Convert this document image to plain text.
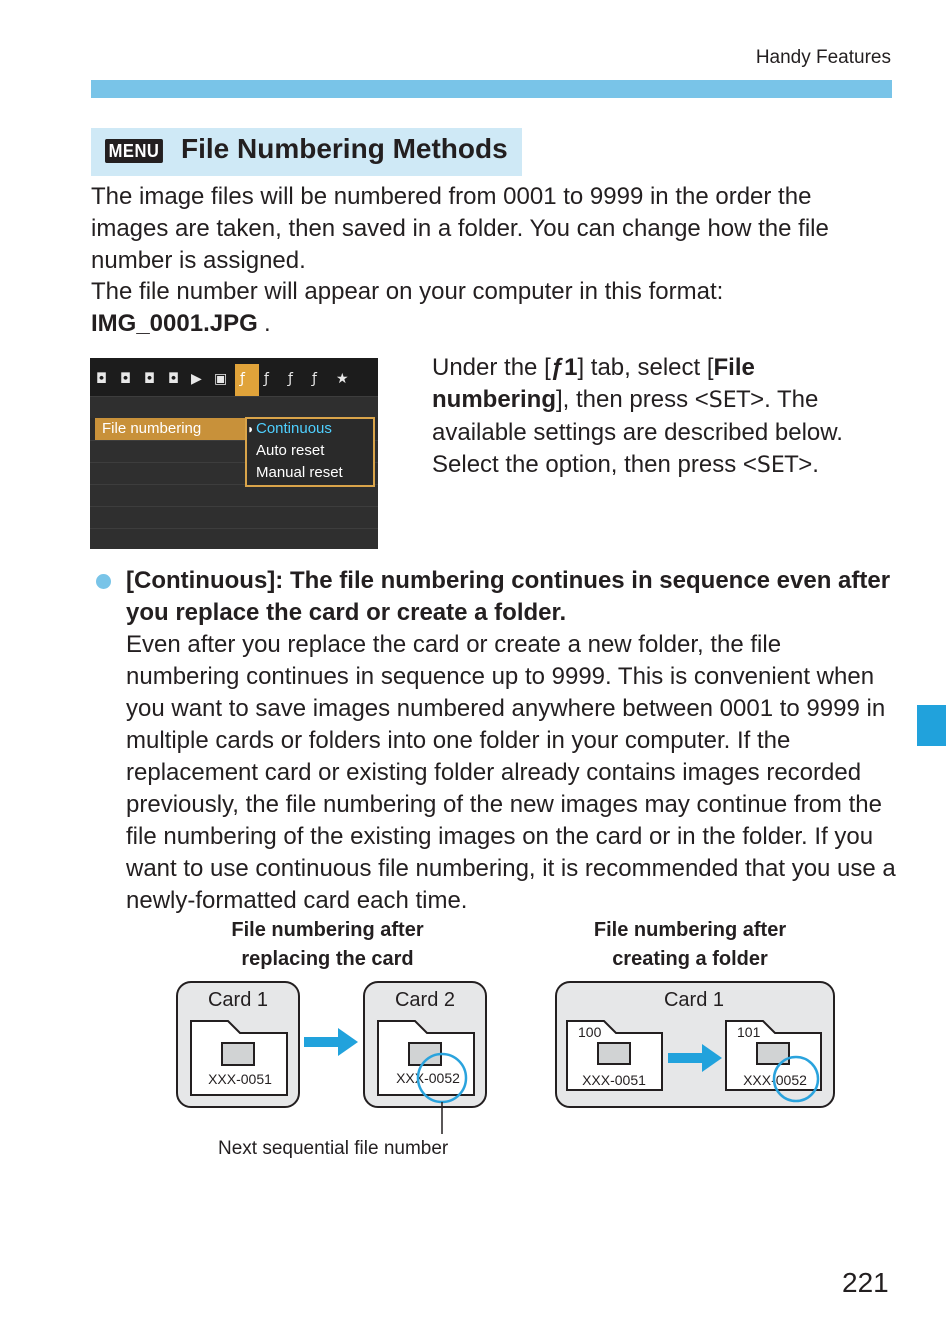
Handy Features
MENU File Numbering Methods
The image files will be numbered from 0001 to 9999 in the order the images are taken, then saved in a folder. You can change how the file number is assigned.
The file number will appear on your computer in this format:
IMG_0001.JPG .
◘ ◘ ◘ ◘ ▶ ▣ ƒ ƒ ƒ ƒ ★
File numbering	◗ Continuous
Auto reset
Manual reset
Under the [ƒ1] tab, select [File numbering], then press <SET>. The available settings are described below. Select the option, then press <SET>.
[Continuous]: The file numbering continues in sequence even after you replace the card or create a folder.
Even after you replace the card or create a new folder, the file numbering continues in sequence up to 9999. This is convenient when you want to save images numbered anywhere between 0001 to 9999 in multiple cards or folders into one folder in your computer. If the replacement card or existing folder already contains images recorded previously, the file numbering of the new images may continue from the file numbering of the existing images on the card or in the folder. If you want to use continuous file numbering, it is recommended that you use a newly-formatted card each time.
File numbering after
replacing the card
File numbering after
creating a folder
Card 1
XXX-0051
Card 2
XXX-0052
Card 1
100
XXX-0051
101
XXX-0052
Next sequential file number
221
